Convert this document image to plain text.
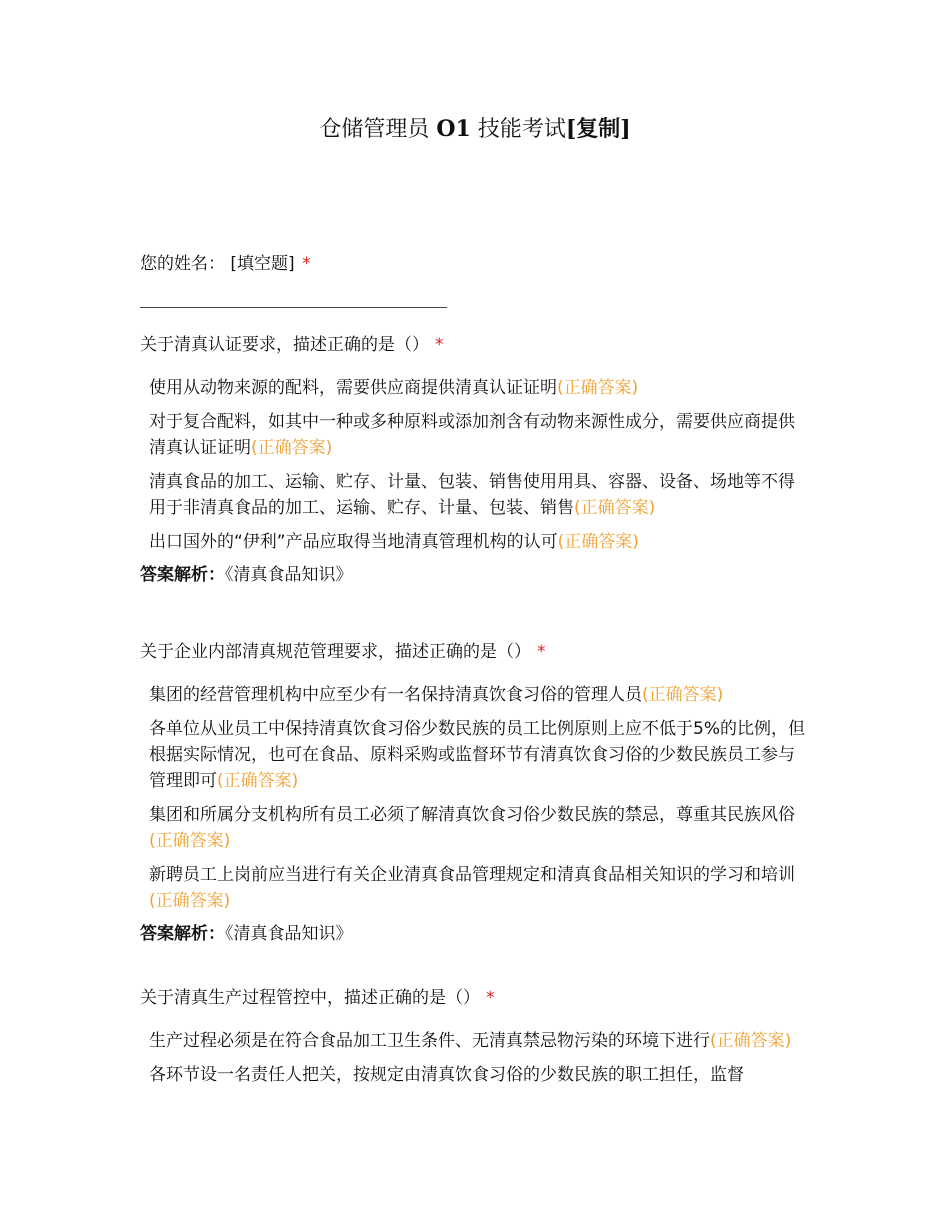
仓储管理员 O1 技能考试[复制]
您的姓名： [填空题] *
关于清真认证要求，描述正确的是（） *
使用从动物来源的配料，需要供应商提供清真认证证明(正确答案)
对于复合配料，如其中一种或多种原料或添加剂含有动物来源性成分，需要供应商提供清真认证证明(正确答案)
清真食品的加工、运输、贮存、计量、包装、销售使用用具、容器、设备、场地等不得用于非清真食品的加工、运输、贮存、计量、包装、销售(正确答案)
出口国外的“伊利”产品应取得当地清真管理机构的认可(正确答案)
答案解析：《清真食品知识》
关于企业内部清真规范管理要求，描述正确的是（） *
集团的经营管理机构中应至少有一名保持清真饮食习俗的管理人员(正确答案)
各单位从业员工中保持清真饮食习俗少数民族的员工比例原则上应不低于5%的比例，但根据实际情况，也可在食品、原料采购或监督环节有清真饮食习俗的少数民族员工参与管理即可(正确答案)
集团和所属分支机构所有员工必须了解清真饮食习俗少数民族的禁忌，尊重其民族风俗(正确答案)
新聘员工上岗前应当进行有关企业清真食品管理规定和清真食品相关知识的学习和培训(正确答案)
答案解析：《清真食品知识》
关于清真生产过程管控中，描述正确的是（） *
生产过程必须是在符合食品加工卫生条件、无清真禁忌物污染的环境下进行(正确答案)
各环节设一名责任人把关，按规定由清真饮食习俗的少数民族的职工担任，监督
